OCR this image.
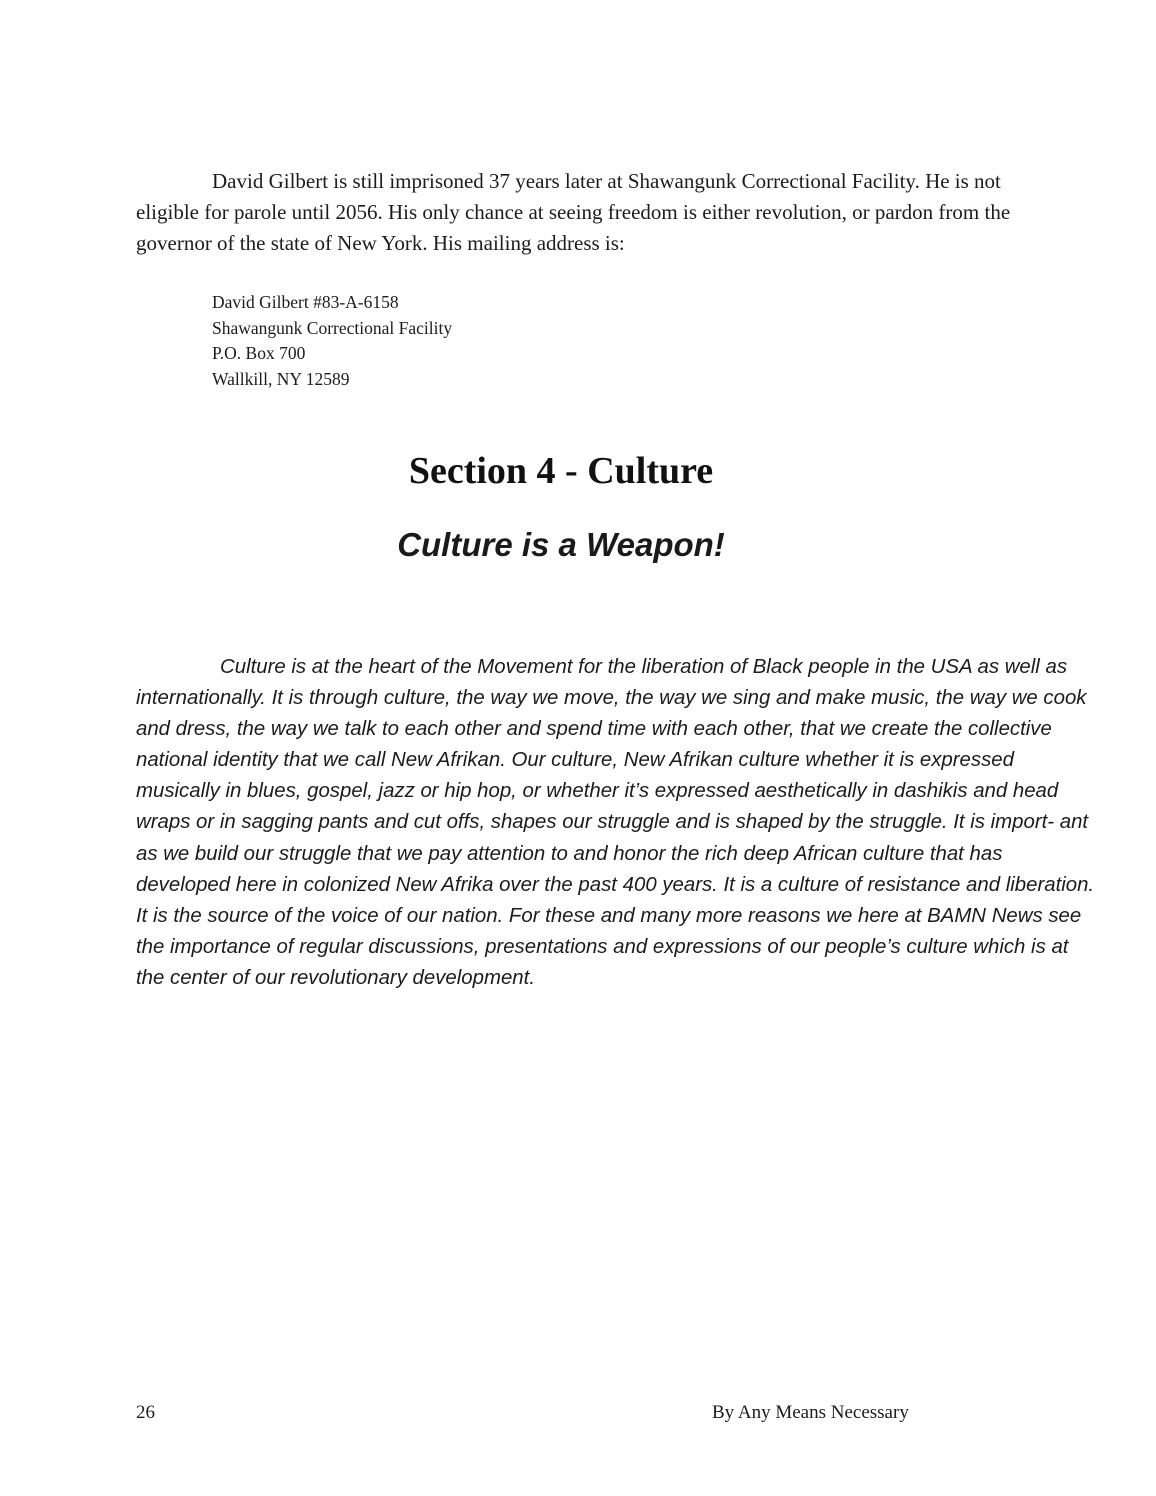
David Gilbert is still imprisoned 37 years later at Shawangunk Correctional Facility. He is not eligible for parole until 2056. His only chance at seeing freedom is either revolution, or pardon from the governor of the state of New York. His mailing address is:

David Gilbert #83-A-6158
Shawangunk Correctional Facility
P.O. Box 700
Wallkill, NY 12589
Section 4 - Culture
Culture is a Weapon!

Culture is at the heart of the Movement for the liberation of Black people in the USA as well as internationally. It is through culture, the way we move, the way we sing and make music, the way we cook and dress, the way we talk to each other and spend time with each other, that we create the collective national identity that we call New Afrikan. Our culture, New Afrikan culture whether it is expressed musically in blues, gospel, jazz or hip hop, or whether it’s expressed aesthetically in dashikis and head wraps or in sagging pants and cut offs, shapes our struggle and is shaped by the struggle. It is import- ant as we build our struggle that we pay attention to and honor the rich deep African culture that has developed here in colonized New Afrika over the past 400 years. It is a culture of resistance and liberation. It is the source of the voice of our nation. For these and many more reasons we here at BAMN News see the importance of regular discussions, presentations and expressions of our people’s culture which is at the center of our revolutionary development.

26	By Any Means Necessary
